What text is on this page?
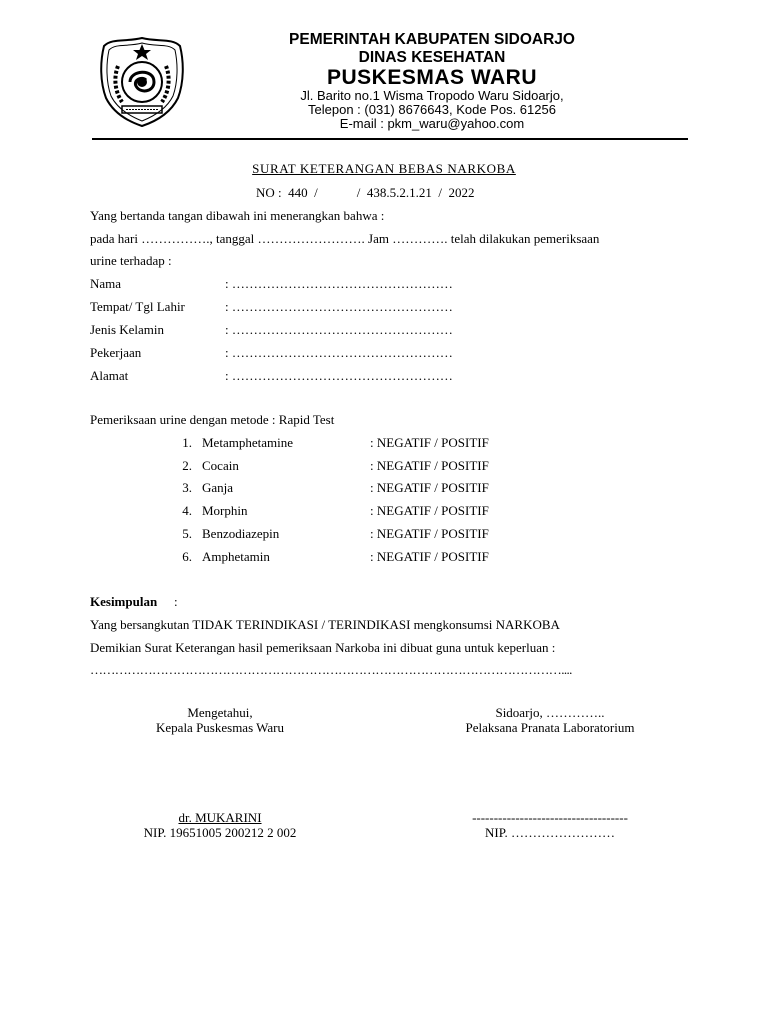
PEMERINTAH KABUPATEN SIDOARJO
DINAS KESEHATAN
PUSKESMAS WARU
Jl. Barito no.1 Wisma Tropodo Waru Sidoarjo,
Telepon : (031) 8676643, Kode Pos. 61256
E-mail : pkm_waru@yahoo.com
SURAT KETERANGAN BEBAS NARKOBA
NO :  440  /            /  438.5.2.1.21  /  2022
Yang bertanda tangan dibawah ini menerangkan bahwa :
pada hari ……………., tanggal ……………………. Jam …………. telah dilakukan pemeriksaan
urine terhadap :
Nama	: ……………………………………………
Tempat/ Tgl Lahir	: ……………………………………………
Jenis Kelamin	: ……………………………………………
Pekerjaan	: ……………………………………………
Alamat	: ……………………………………………
Pemeriksaan urine dengan metode : Rapid Test
1. Metamphetamine	: NEGATIF / POSITIF
2. Cocain	: NEGATIF / POSITIF
3. Ganja	: NEGATIF / POSITIF
4. Morphin	: NEGATIF / POSITIF
5. Benzodiazepin	: NEGATIF / POSITIF
6. Amphetamin	: NEGATIF / POSITIF
Kesimpulan :
Yang bersangkutan TIDAK TERINDIKASI / TERINDIKASI mengkonsumsi NARKOBA
Demikian Surat Keterangan hasil pemeriksaan Narkoba ini dibuat guna untuk keperluan :
……………………………………………………………………………………………………....
Mengetahui,
Kepala Puskesmas Waru
Sidoarjo, …………..
Pelaksana Pranata Laboratorium
dr. MUKARINI
NIP. 19651005 200212 2 002
------------------------------------
NIP. ……………………
